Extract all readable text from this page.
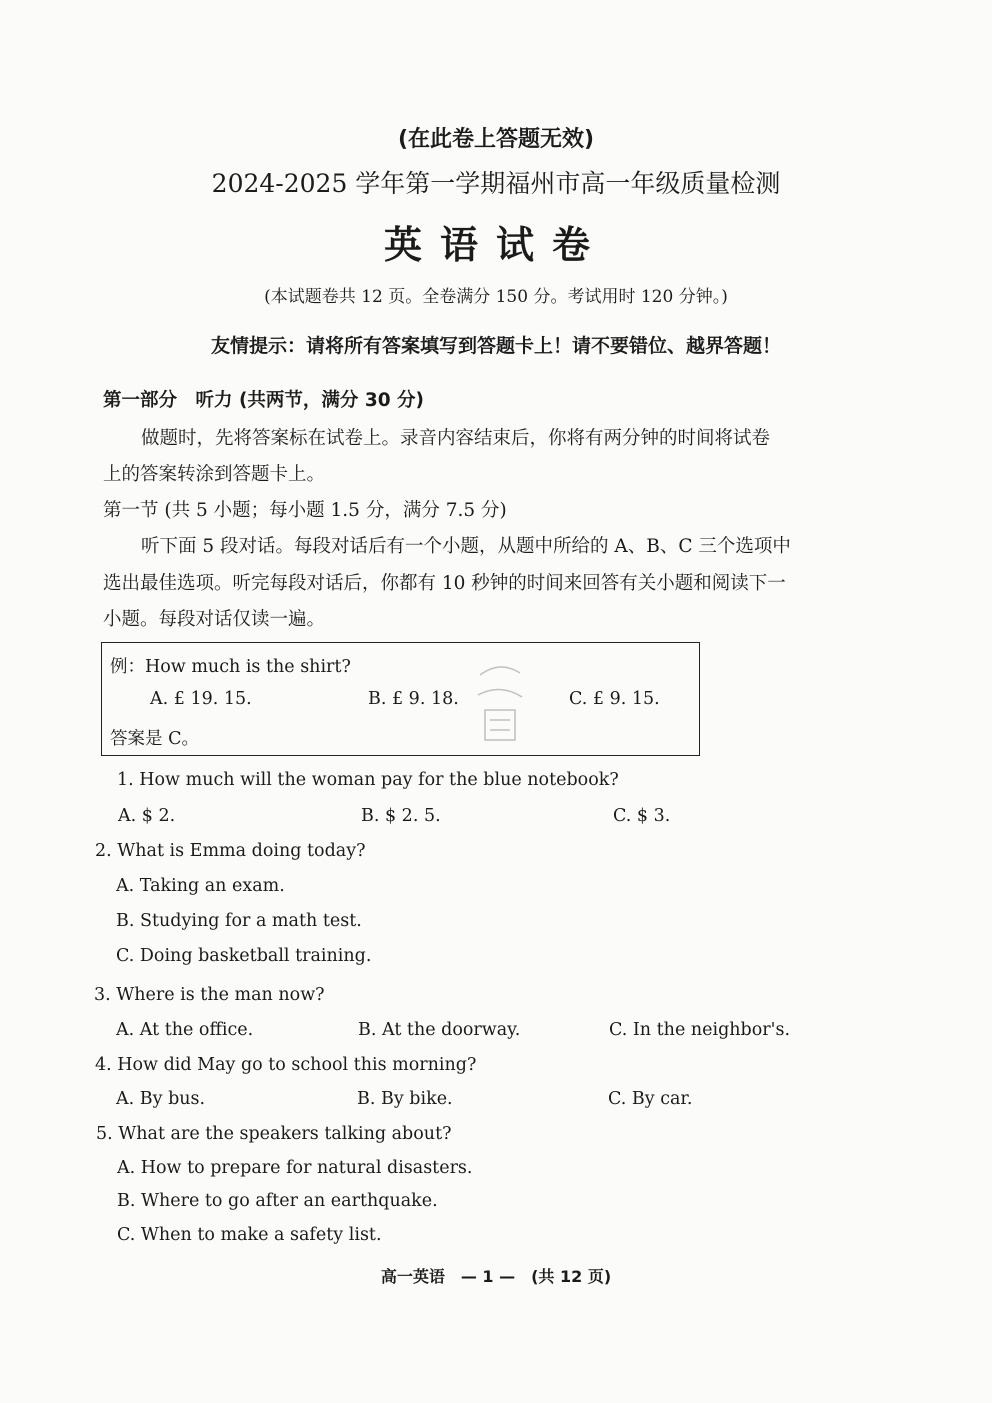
(在此卷上答题无效)
2024-2025 学年第一学期福州市高一年级质量检测
英语试卷
(本试题卷共 12 页。全卷满分 150 分。考试用时 120 分钟。)
友情提示：请将所有答案填写到答题卡上！请不要错位、越界答题！
第一部分　听力 (共两节，满分 30 分)
做题时，先将答案标在试卷上。录音内容结束后，你将有两分钟的时间将试卷
上的答案转涂到答题卡上。
第一节 (共 5 小题；每小题 1.5 分，满分 7.5 分)
听下面 5 段对话。每段对话后有一个小题，从题中所给的 A、B、C 三个选项中
选出最佳选项。听完每段对话后，你都有 10 秒钟的时间来回答有关小题和阅读下一
小题。每段对话仅读一遍。
例：How much is the shirt?
A. £ 19. 15.	B. £ 9. 18.	C. £ 9. 15.
答案是 C。
1. How much will the woman pay for the blue notebook?
A. $ 2.	B. $ 2. 5.	C. $ 3.
2. What is Emma doing today?
A. Taking an exam.
B. Studying for a math test.
C. Doing basketball training.
3. Where is the man now?
A. At the office.	B. At the doorway.	C. In the neighbor's.
4. How did May go to school this morning?
A. By bus.	B. By bike.	C. By car.
5. What are the speakers talking about?
A. How to prepare for natural disasters.
B. Where to go after an earthquake.
C. When to make a safety list.
高一英语　— 1 —　(共 12 页)
